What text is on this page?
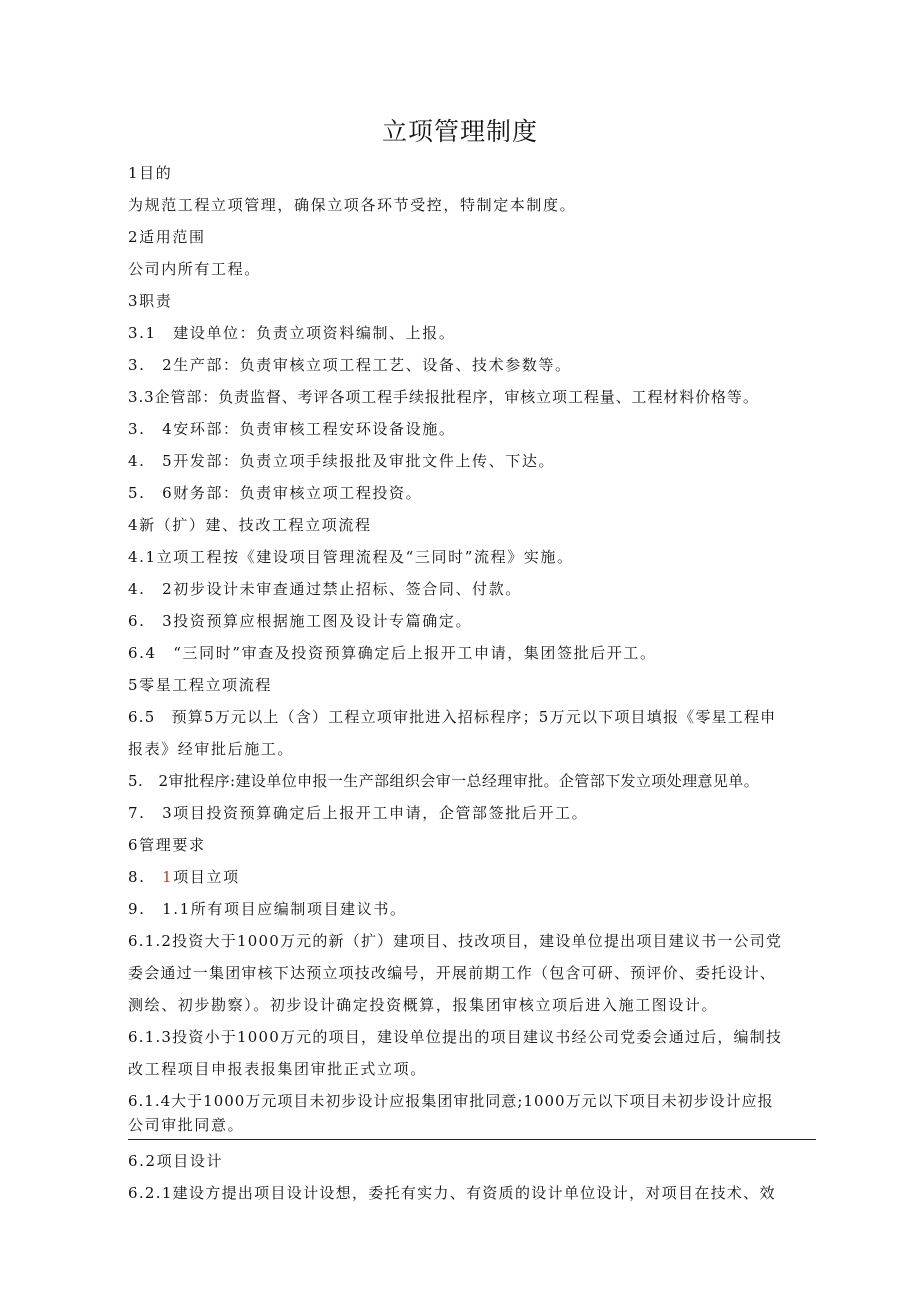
立项管理制度
1目的
为规范工程立项管理，确保立项各环节受控，特制定本制度。
2适用范围
公司内所有工程。
3职责
3.1　建设单位：负责立项资料编制、上报。
3.　2生产部：负责审核立项工程工艺、设备、技术参数等。
3.3企管部：负责监督、考评各项工程手续报批程序，审核立项工程量、工程材料价格等。
3.　4安环部：负责审核工程安环设备设施。
4.　5开发部：负责立项手续报批及审批文件上传、下达。
5.　6财务部：负责审核立项工程投资。
4新（扩）建、技改工程立项流程
4.1立项工程按《建设项目管理流程及“三同时”流程》实施。
4.　2初步设计未审查通过禁止招标、签合同、付款。
6.　3投资预算应根据施工图及设计专篇确定。
6.4　“三同时”审查及投资预算确定后上报开工申请，集团签批后开工。
5零星工程立项流程
6.5　预算5万元以上（含）工程立项审批进入招标程序；5万元以下项目填报《零星工程申
报表》经审批后施工。
5.　2审批程序:建设单位申报一生产部组织会审一总经理审批。企管部下发立项处理意见单。
7.　3项目投资预算确定后上报开工申请，企管部签批后开工。
6管理要求
8.　1项目立项
9.　1.1所有项目应编制项目建议书。
6.1.2投资大于1000万元的新（扩）建项目、技改项目，建设单位提出项目建议书一公司党
委会通过一集团审核下达预立项技改编号，开展前期工作（包含可研、预评价、委托设计、
测绘、初步勘察）。初步设计确定投资概算，报集团审核立项后进入施工图设计。
6.1.3投资小于1000万元的项目，建设单位提出的项目建议书经公司党委会通过后，编制技
改工程项目申报表报集团审批正式立项。
6.1.4大于1000万元项目未初步设计应报集团审批同意;1000万元以下项目未初步设计应报
公司审批同意。
6.2项目设计
6.2.1建设方提出项目设计设想，委托有实力、有资质的设计单位设计，对项目在技术、效
